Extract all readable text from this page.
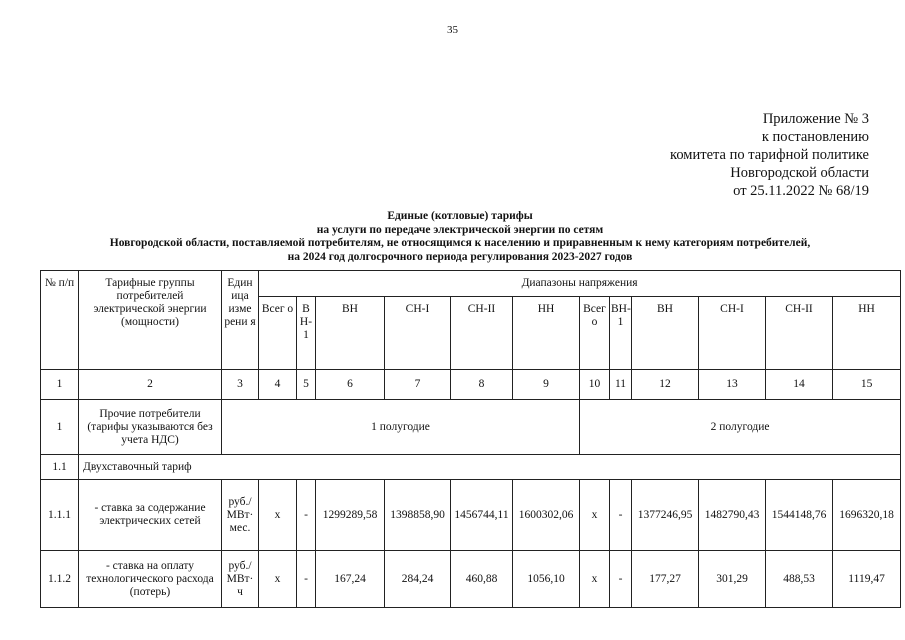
35
Приложение № 3
к постановлению
комитета по тарифной политике
Новгородской области
от 25.11.2022 № 68/19
Единые (котловые) тарифы
на услуги по передаче электрической энергии по сетям
Новгородской области, поставляемой потребителям, не относящимся к населению и приравненным к нему категориям потребителей,
на 2024 год долгосрочного периода регулирования 2023-2027 годов
№ п/п	Тарифные группы потребителей электрической энергии (мощности)	Един ица изме рени я	Диапазоны напряжения											
			Всег о	В Н- 1	ВН	СН-I	СН-II	НН	Всег о	ВН- 1	ВН	СН-I	СН-II	НН
1	2	3	4	5	6	7	8	9	10	11	12	13	14	15
1	Прочие потребители (тарифы указываются без учета НДС)	1 полугодие							2 полугодие					
1.1	Двухставочный тариф													
1.1.1	- ставка за содержание электрических сетей	руб./ МВт· мес.	х	-	1299289,58	1398858,90	1456744,11	1600302,06	х	-	1377246,95	1482790,43	1544148,76	1696320,18
1.1.2	- ставка на оплату технологического расхода (потерь)	руб./ МВт· ч	х	-	167,24	284,24	460,88	1056,10	х	-	177,27	301,29	488,53	1119,47
